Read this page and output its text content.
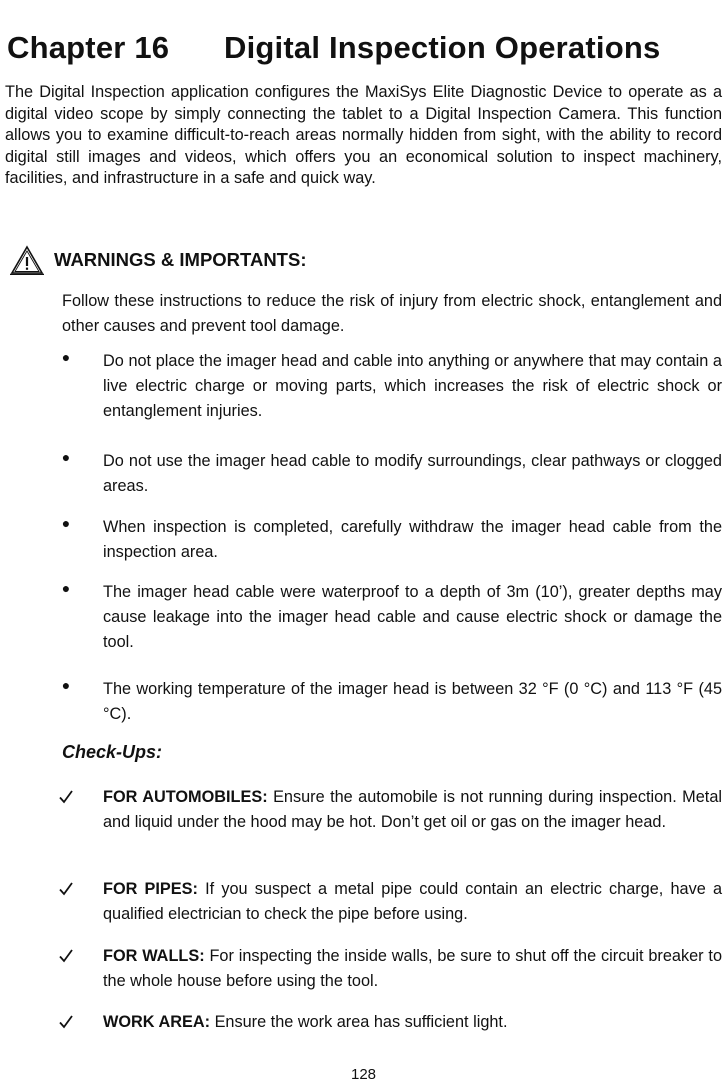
Chapter 16 Digital Inspection Operations

The Digital Inspection application configures the MaxiSys Elite Diagnostic Device to operate as a digital video scope by simply connecting the tablet to a Digital Inspection Camera. This function allows you to examine difficult-to-reach areas normally hidden from sight, with the ability to record digital still images and videos, which offers you an economical solution to inspect machinery, facilities, and infrastructure in a safe and quick way.

WARNINGS & IMPORTANTS:

Follow these instructions to reduce the risk of injury from electric shock, entanglement and other causes and prevent tool damage.

●	Do not place the imager head and cable into anything or anywhere that may contain a live electric charge or moving parts, which increases the risk of electric shock or entanglement injuries.

●	Do not use the imager head cable to modify surroundings, clear pathways or clogged areas.

●	When inspection is completed, carefully withdraw the imager head cable from the inspection area.

●	The imager head cable were waterproof to a depth of 3m (10’), greater depths may cause leakage into the imager head cable and cause electric shock or damage the tool.

●	The working temperature of the imager head is between 32 °F (0 °C) and 113 °F (45 °C).

Check-Ups:

FOR AUTOMOBILES: Ensure the automobile is not running during inspection. Metal and liquid under the hood may be hot. Don’t get oil or gas on the imager head.

FOR PIPES: If you suspect a metal pipe could contain an electric charge, have a qualified electrician to check the pipe before using.

FOR WALLS: For inspecting the inside walls, be sure to shut off the circuit breaker to the whole house before using the tool.

WORK AREA: Ensure the work area has sufficient light.

128
